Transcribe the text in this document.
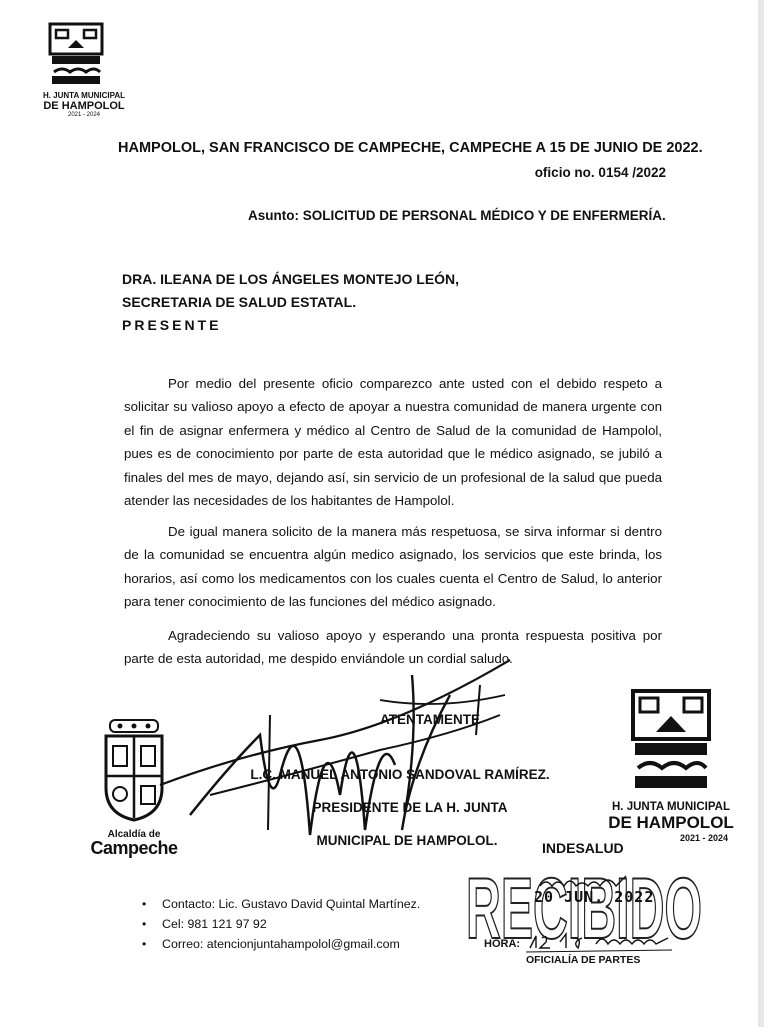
H. JUNTA MUNICIPAL
DE HAMPOLOL
2021 - 2024
HAMPOLOL, SAN FRANCISCO DE CAMPECHE, CAMPECHE A 15 DE JUNIO DE 2022.
oficio no. 0154 /2022
Asunto: SOLICITUD DE PERSONAL MÉDICO Y DE ENFERMERÍA.
DRA. ILEANA DE LOS ÁNGELES MONTEJO LEÓN,
SECRETARIA DE SALUD ESTATAL.
PRESENTE
Por medio del presente oficio comparezco ante usted con el debido respeto a solicitar su valioso apoyo a efecto de apoyar a nuestra comunidad de manera urgente con el fin de asignar enfermera y médico al Centro de Salud de la comunidad de Hampolol, pues es de conocimiento por parte de esta autoridad que le médico asignado, se jubiló a finales del mes de mayo, dejando así, sin servicio de un profesional de la salud que pueda atender las necesidades de los habitantes de Hampolol.
De igual manera solicito de la manera más respetuosa, se sirva informar si dentro de la comunidad se encuentra algún medico asignado, los servicios que este brinda, los horarios, así como los medicamentos con los cuales cuenta el Centro de Salud, lo anterior para tener conocimiento de las funciones del médico asignado.
Agradeciendo su valioso apoyo y esperando una pronta respuesta positiva por parte de esta autoridad, me despido enviándole un cordial saludo.
ATENTAMENTE
L.C. MANUEL ANTONIO SANDOVAL RAMÍREZ.
PRESIDENTE DE LA H. JUNTA
MUNICIPAL DE HAMPOLOL.
Alcaldía de
Campeche
H. JUNTA MUNICIPAL
DE HAMPOLOL
2021 - 2024
INDESALUD
RECIBIDO
20 JUN. 2022
HORA:
OFICIALÍA DE PARTES
• Contacto: Lic. Gustavo David Quintal Martínez.
• Cel: 981 121 97 92
• Correo: atencionjuntahampolol@gmail.com
